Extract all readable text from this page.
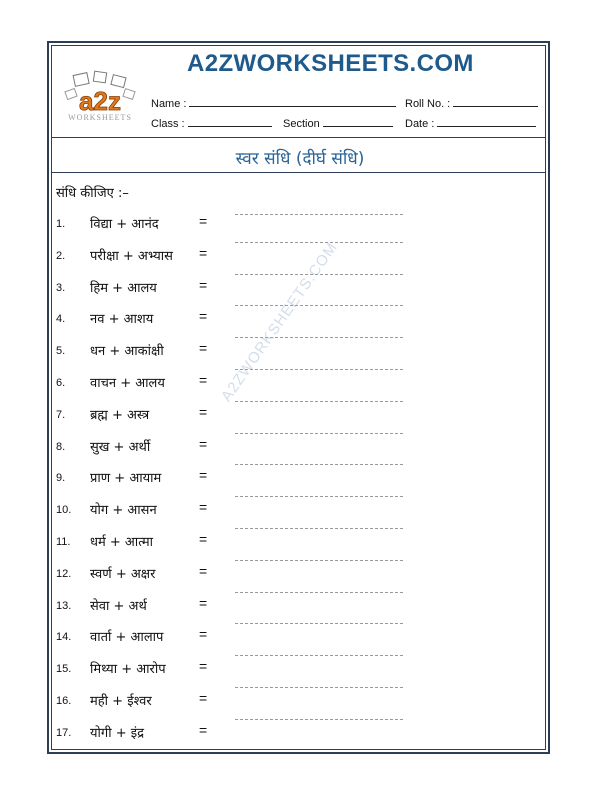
A2ZWORKSHEETS.COM
a2z
WORKSHEETS
Name :	Roll No. :
Class :	Section	Date :
स्वर संधि (दीर्घ संधि)
संधि कीजिए :–
1. विद्या + आनंद	=
2. परीक्षा + अभ्यास =
3. हिम + आलय	=
4. नव + आशय	=
5. धन + आकांक्षी	=
6. वाचन + आलय =
7. ब्रह्म + अस्त्र	=
8. सुख + अर्थी	=
9. प्राण + आयाम	=
10. योग + आसन	=
11. धर्म + आत्मा	=
12. स्वर्ण + अक्षर	=
13. सेवा + अर्थ	=
14. वार्ता + आलाप	=
15. मिथ्या + आरोप =
16. मही + ईश्वर	=
17. योगी + इंद्र	=
A2ZWORKSHEETS.COM
